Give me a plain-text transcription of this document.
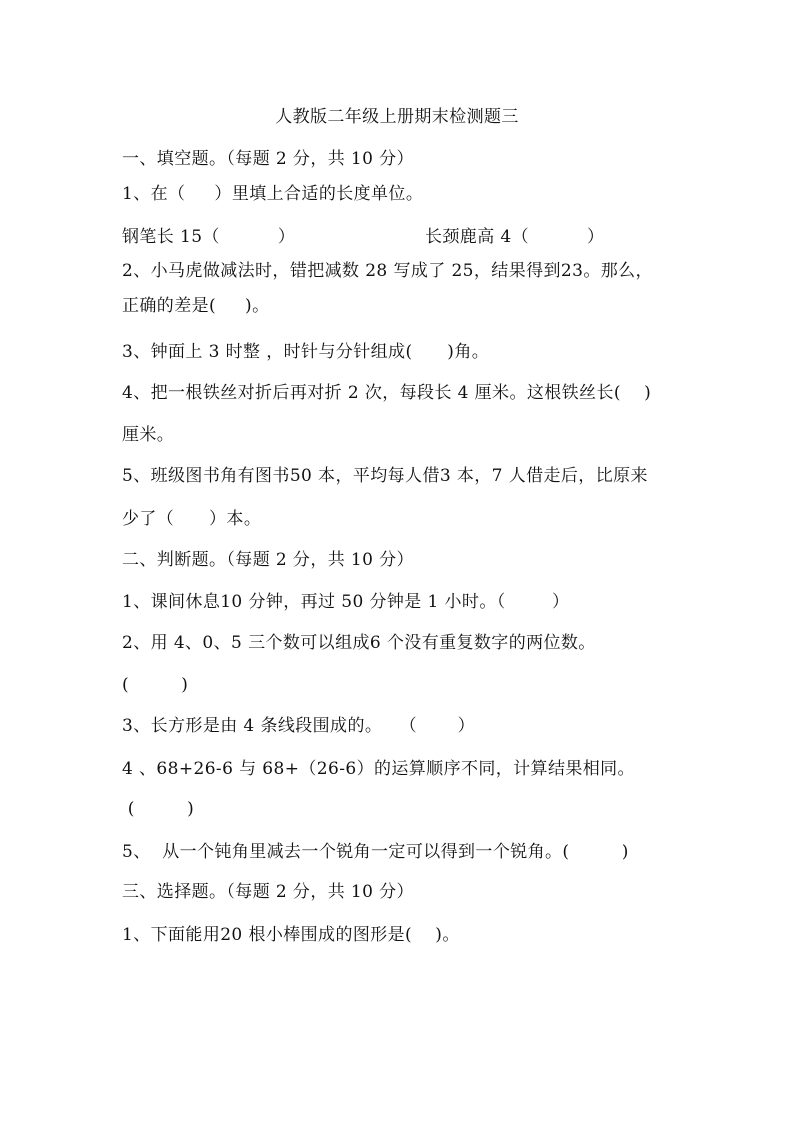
人教版二年级上册期末检测题三
一、填空题。（每题 2 分，共 10 分）
1、在（     ）里填上合适的长度单位。
钢笔长 15（          ）	长颈鹿高 4（          ）
2、小马虎做减法时，错把减数 28 写成了 25，结果得到23。那么，
正确的差是(     )。
3、钟面上 3 时整 ，时针与分针组成(      )角。
4、把一根铁丝对折后再对折 2 次，每段长 4 厘米。这根铁丝长(    )
厘米。
5、班级图书角有图书50 本，平均每人借3 本，7 人借走后，比原来
少了（      ）本。
二、判断题。（每题 2 分，共 10 分）
1、课间休息10 分钟，再过 50 分钟是 1 小时。（        ）
2、用 4、0、5 三个数可以组成6 个没有重复数字的两位数。
(         )
3、长方形是由 4 条线段围成的。   （       ）
4 、68+26-6 与 68+（26-6）的运算顺序不同，计算结果相同。
(         )
5、  从一个钝角里减去一个锐角一定可以得到一个锐角。(         )
三、选择题。（每题 2 分，共 10 分）
1、下面能用20 根小棒围成的图形是(    )。
